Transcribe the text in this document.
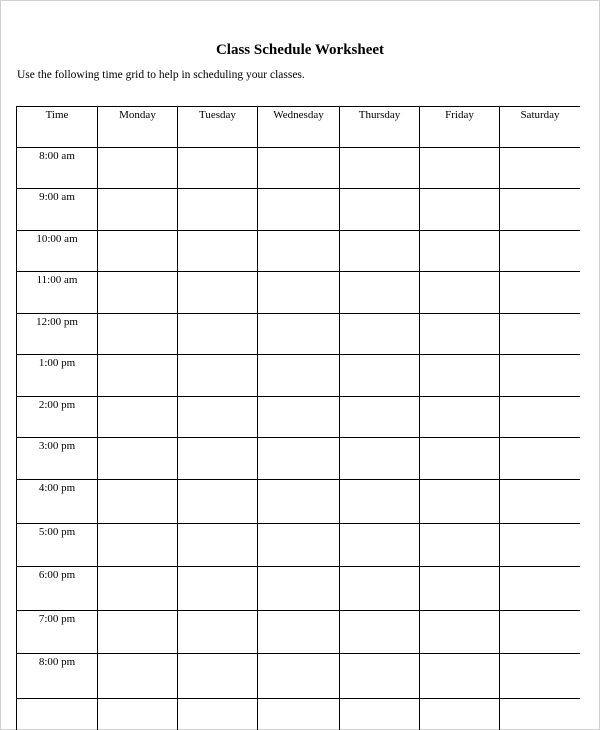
Class Schedule Worksheet
Use the following time grid to help in scheduling your classes.
Time	Monday	Tuesday	Wednesday	Thursday	Friday	Saturday
8:00 am						
9:00 am						
10:00 am						
11:00 am						
12:00 pm						
1:00 pm						
2:00 pm						
3:00 pm						
4:00 pm						
5:00 pm						
6:00 pm						
7:00 pm						
8:00 pm						
